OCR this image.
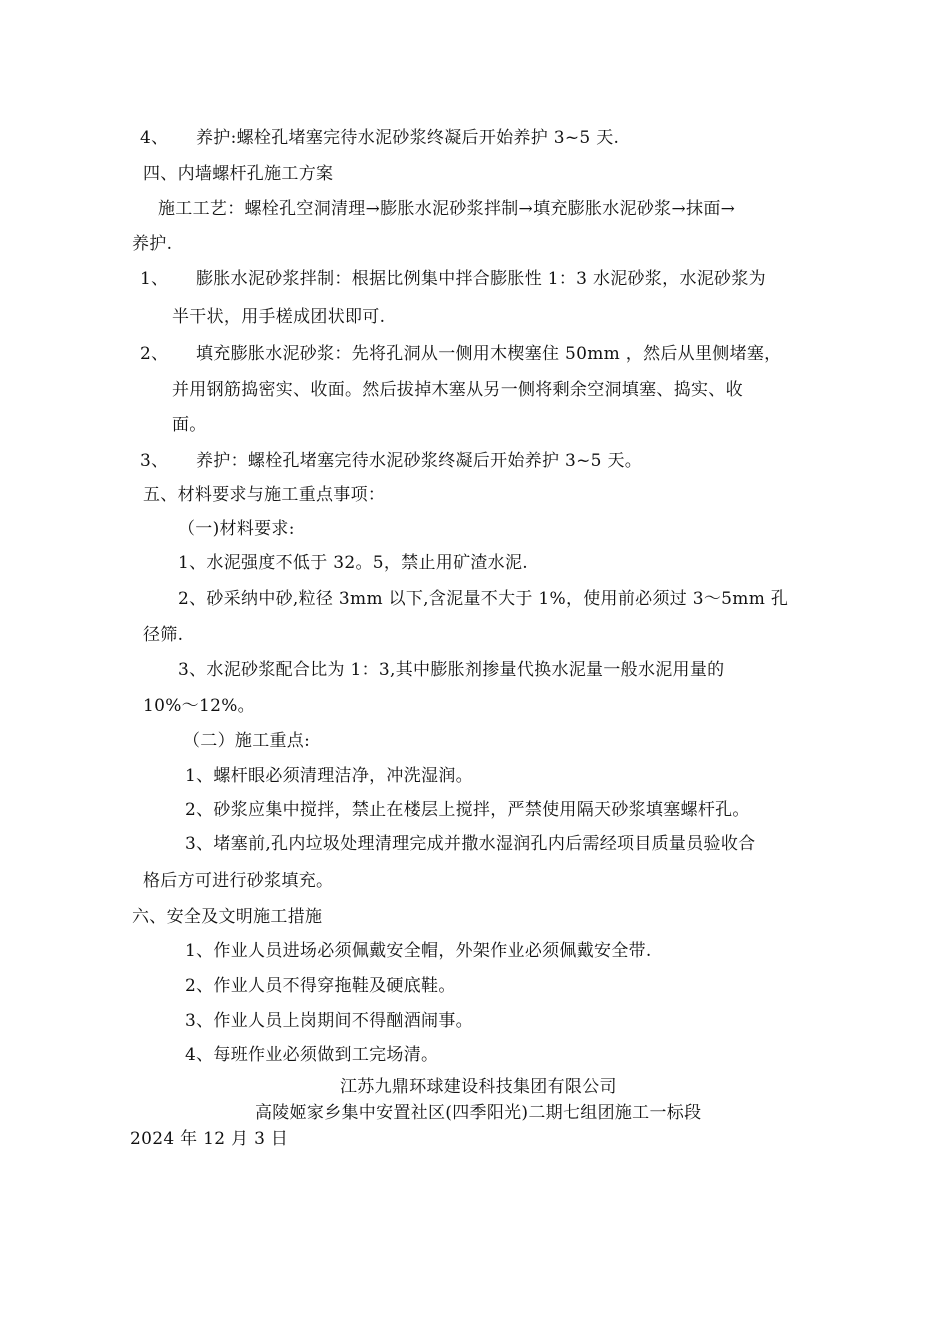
4、 养护:螺栓孔堵塞完待水泥砂浆终凝后开始养护 3~5 天.
四、内墙螺杆孔施工方案
施工工艺：螺栓孔空洞清理→膨胀水泥砂浆拌制→填充膨胀水泥砂浆→抹面→
养护.
1、 膨胀水泥砂浆拌制：根据比例集中拌合膨胀性 1：3 水泥砂浆，水泥砂浆为
半干状，用手槎成团状即可.
2、 填充膨胀水泥砂浆：先将孔洞从一侧用木楔塞住 50mm ，然后从里侧堵塞，
并用钢筋捣密实、收面。然后拔掉木塞从另一侧将剩余空洞填塞、捣实、收
面。
3、 养护：螺栓孔堵塞完待水泥砂浆终凝后开始养护 3~5 天。
五、材料要求与施工重点事项：
（一)材料要求:
1、水泥强度不低于 32。5，禁止用矿渣水泥.
2、砂采纳中砂,粒径 3mm 以下,含泥量不大于 1%，使用前必须过 3～5mm 孔
径筛.
3、水泥砂浆配合比为 1：3,其中膨胀剂掺量代换水泥量一般水泥用量的
10%～12%。
（二）施工重点:
1、螺杆眼必须清理洁净，冲洗湿润。
2、砂浆应集中搅拌，禁止在楼层上搅拌，严禁使用隔天砂浆填塞螺杆孔。
3、堵塞前,孔内垃圾处理清理完成并撒水湿润孔内后需经项目质量员验收合
格后方可进行砂浆填充。
六、安全及文明施工措施
1、作业人员进场必须佩戴安全帽，外架作业必须佩戴安全带.
2、作业人员不得穿拖鞋及硬底鞋。
3、作业人员上岗期间不得酗酒闹事。
4、每班作业必须做到工完场清。
江苏九鼎环球建设科技集团有限公司
高陵姬家乡集中安置社区(四季阳光)二期七组团施工一标段
2024 年 12 月 3 日
